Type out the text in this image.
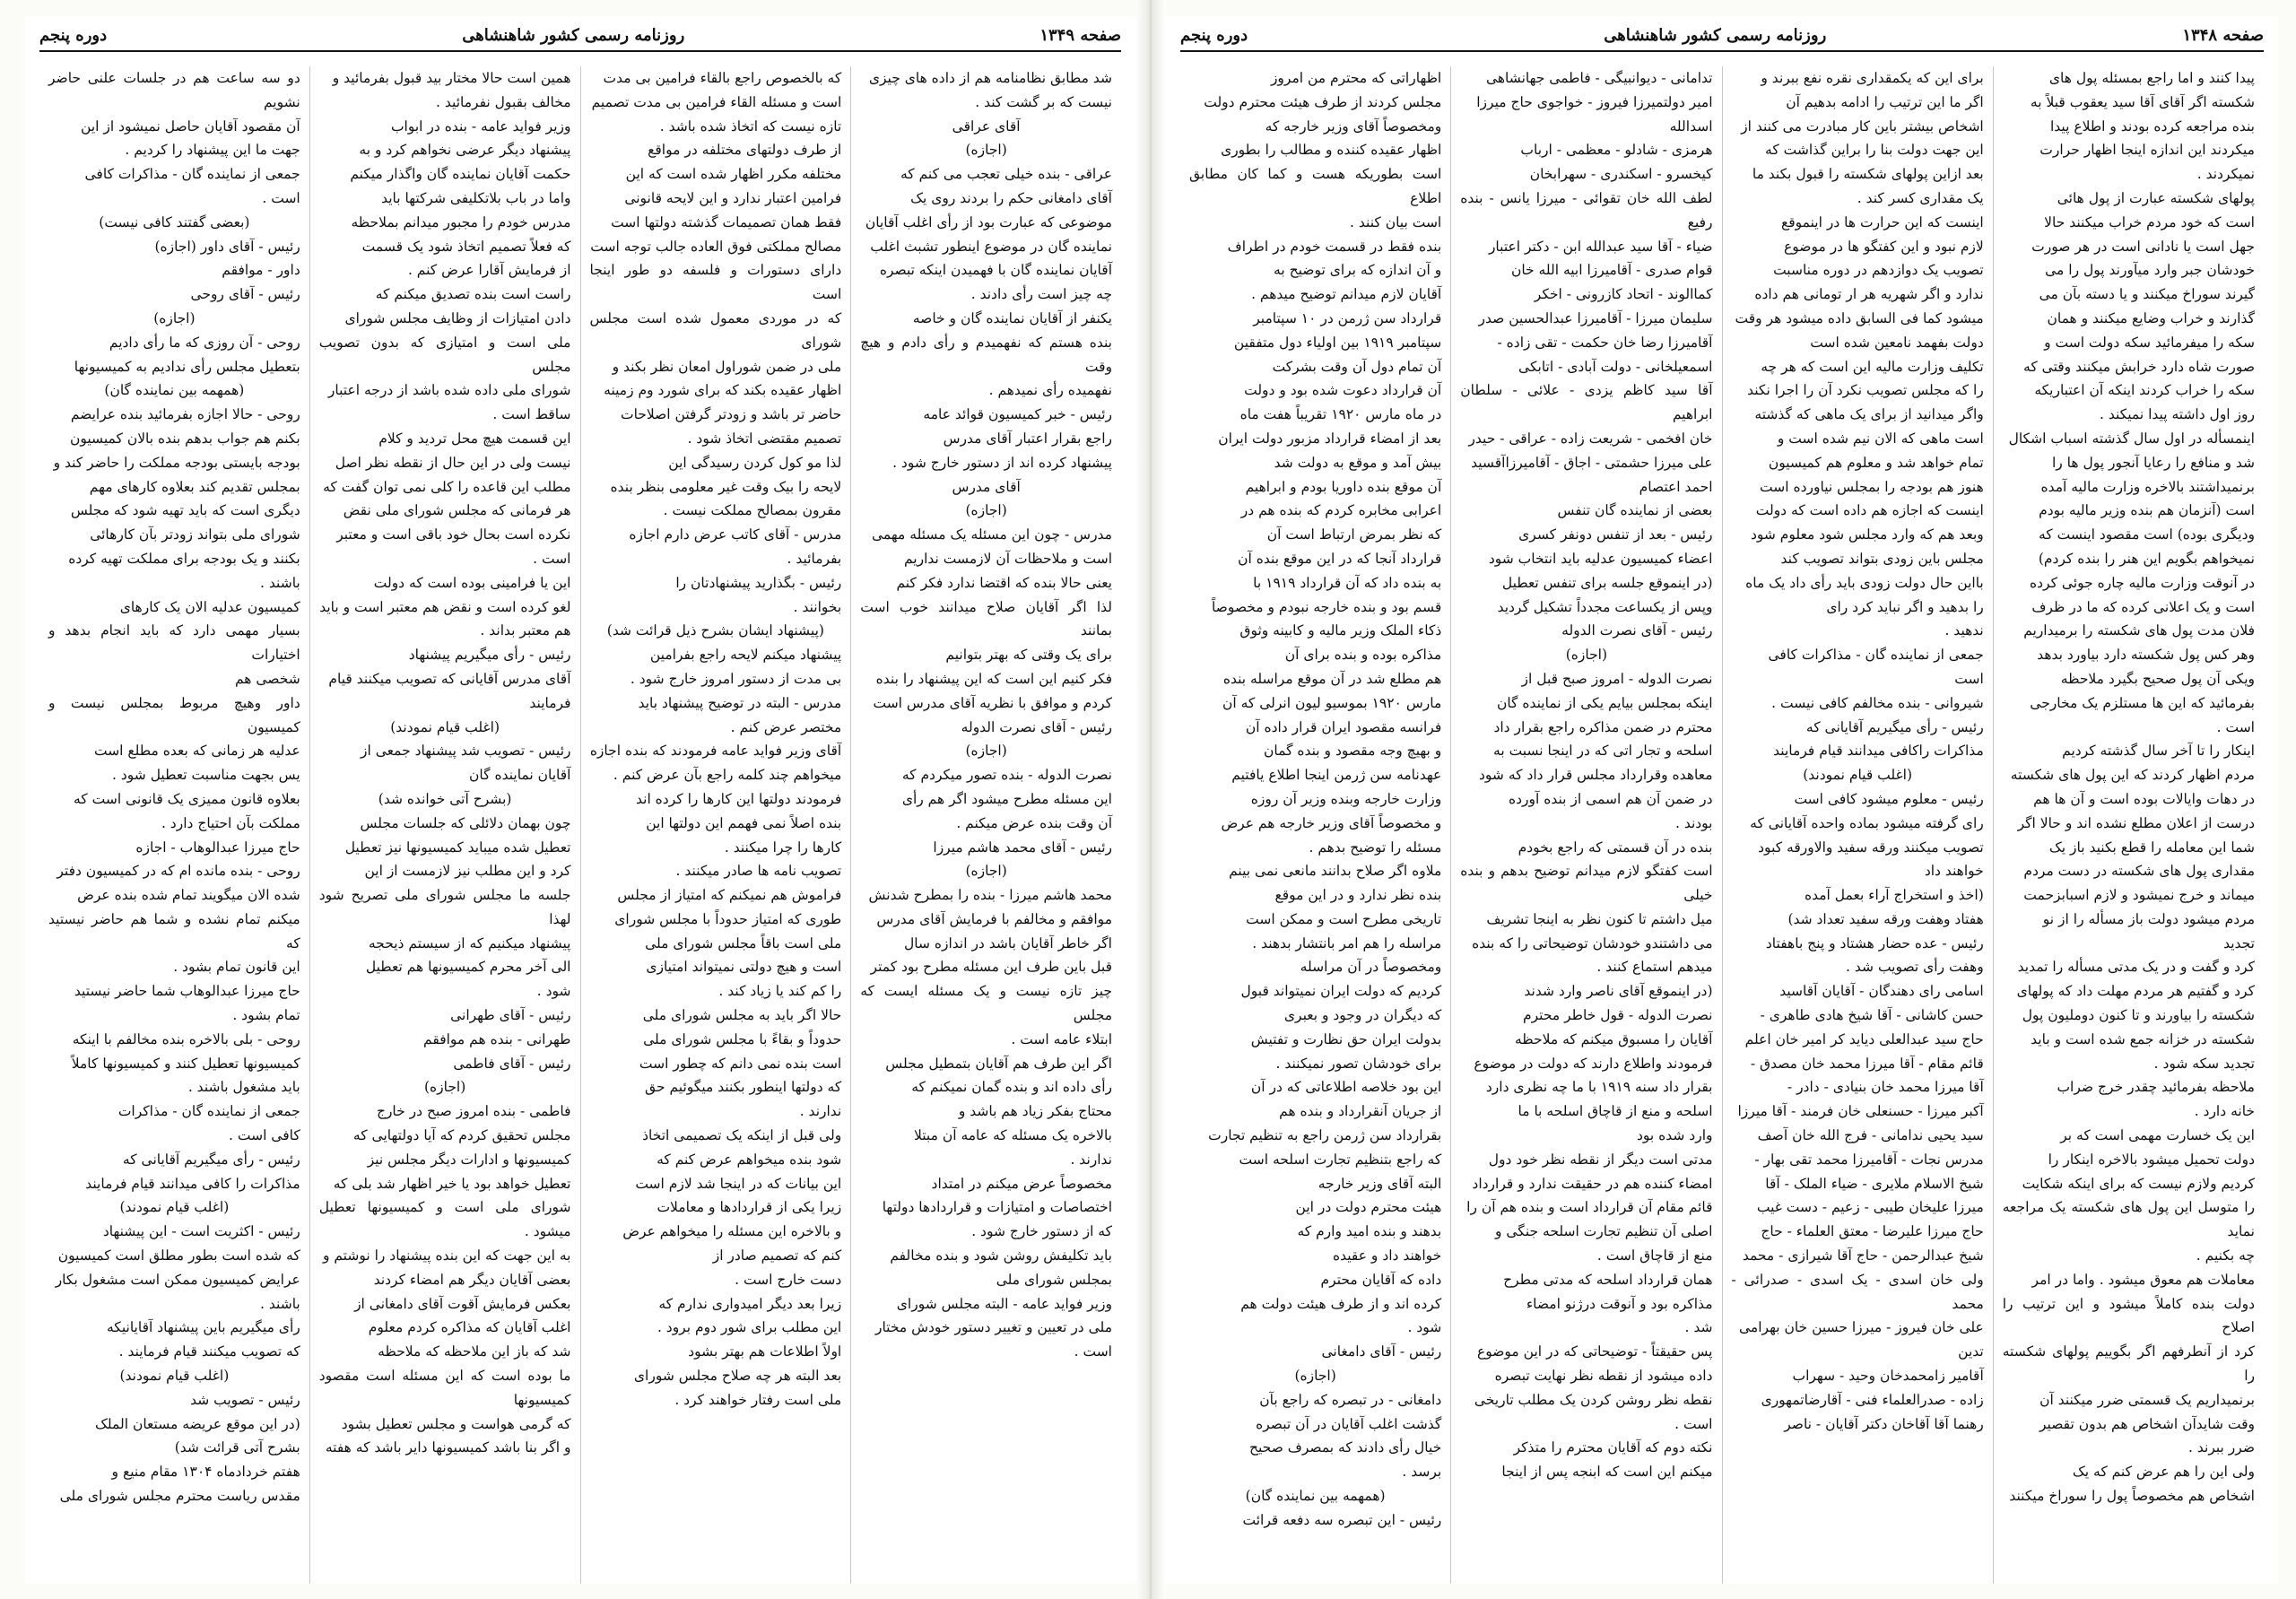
صفحه ۱۳۴۹
روزنامه رسمی کشور شاهنشاهی
دوره پنجم

شد مطابق نظامنامه هم از داده های چیزی

نیست که بر گشت کند .

آقای عراقی

(اجازه)

عراقی - بنده خیلی تعجب می کنم که

آقای دامغانی حکم را بردند روی یک

موضوعی که عبارت بود از رأی اغلب آقایان

نماینده گان در موضوع اینطور تشبث اغلب

آقایان نماینده گان با فهمیدن اینکه تبصره

چه چیز است رأی دادند .

یکنفر از آقایان نماینده گان و خاصه

بنده هستم که نفهمیدم و رأی دادم و هیچ وقت

نفهمیده رأی نمیدهم .

رئیس - خبر کمیسیون قوائد عامه

راجع بقرار اعتبار آقای مدرس

پیشنهاد کرده اند از دستور خارج شود .

آقای مدرس

(اجازه)

مدرس - چون این مسئله یک مسئله مهمی

است و ملاحظات آن لازمست نداریم

یعنی حالا بنده که اقتضا ندارد فکر کنم

لذا اگر آقایان صلاح میدانند خوب است بمانند

برای یک وقتی که بهتر بتوانیم

فکر کنیم این است که این پیشنهاد را بنده

کردم و موافق با نظریه آقای مدرس است

رئیس - آقای نصرت الدوله

(اجازه)

نصرت الدوله - بنده تصور میکردم که

این مسئله مطرح میشود اگر هم رأی

آن وقت بنده عرض میکنم .

رئیس - آقای محمد هاشم میرزا

(اجازه)

محمد هاشم میرزا - بنده را بمطرح شدنش

موافقم و مخالفم با فرمایش آقای مدرس

اگر خاطر آقایان باشد در اندازه سال

قبل باین طرف این مسئله مطرح بود کمتر

چیز تازه نیست و یک مسئله ایست که مجلس

ابتلاء عامه است .

اگر این طرف هم آقایان بتمطیل مجلس

رأی داده اند و بنده گمان نمیکنم که

محتاج بفکر زیاد هم باشد و

بالاخره یک مسئله که عامه آن مبتلا

ندارند .

مخصوصاً عرض میکنم در امتداد

اختصاصات و امتیازات و قراردادها دولتها

که از دستور خارج شود .

باید تکلیفش روشن شود و بنده مخالفم

بمجلس شورای ملی

وزیر فواید عامه - البته مجلس شورای

ملی در تعیین و تغییر دستور خودش مختار

است .

که بالخصوص راجع بالقاء فرامین بی مدت

است و مسئله القاء فرامین بی مدت تصمیم

تازه نیست که اتخاذ شده باشد .

از طرف دولتهای مختلفه در مواقع

مختلفه مکرر اظهار شده است که این

فرامین اعتبار ندارد و این لایحه قانونی

فقط همان تصمیمات گذشته دولتها است

مصالح مملکتی فوق العاده جالب توجه است

دارای دستورات و فلسفه دو طور اینجا است

که در موردی معمول شده است مجلس شورای

ملی در ضمن شوراول امعان نظر بکند و

اظهار عقیده بکند که برای شورد وم زمینه

حاضر تر باشد و زودتر گرفتن اصلاحات

تصمیم مقتضی اتخاذ شود .

لذا مو کول کردن رسیدگی این

لایحه را بیک وقت غیر معلومی بنظر بنده

مقرون بمصالح مملکت نیست .

مدرس - آقای کاتب عرض دارم اجازه

بفرمائید .

رئیس - بگذارید پیشنهادتان را

بخوانند .

(پیشنهاد ایشان بشرح ذیل قرائت شد)

پیشنهاد میکنم لایحه راجع بفرامین

بی مدت از دستور امروز خارج شود .

مدرس - البته در توضیح پیشنهاد باید

مختصر عرض کنم .

آقای وزیر فواید عامه فرمودند که بنده اجازه

میخواهم چند کلمه راجع بآن عرض کنم .

فرمودند دولتها این کارها را کرده اند

بنده اصلاً نمی فهمم این دولتها این

کارها را چرا میکنند .

تصویب نامه ها صادر میکنند .

فراموش هم نمیکنم که امتیاز از مجلس

طوری که امتیاز حدوداً با مجلس شورای

ملی است باقاً مجلس شورای ملی

است و هیچ دولتی نمیتواند امتیازی

را کم کند یا زیاد کند .

حالا اگر باید به مجلس شورای ملی

حدوداً و بقاءً با مجلس شورای ملی

است بنده نمی دانم که چطور است

که دولتها اینطور بکنند میگوئیم حق

ندارند .

ولی قبل از اینکه یک تصمیمی اتخاذ

شود بنده میخواهم عرض کنم که

این بیانات که در اینجا شد لازم است

زیرا یکی از قراردادها و معاملات

و بالاخره این مسئله را میخواهم عرض

کنم که تصمیم صادر از

دست خارج است .

زیرا بعد دیگر امیدواری ندارم که

این مطلب برای شور دوم برود .

اولاً اطلاعات هم بهتر بشود

بعد البته هر چه صلاح مجلس شورای

ملی است رفتار خواهند کرد .

همین است حالا مختار بید قبول بفرمائید و

مخالف بقبول نفرمائید .

وزیر فواید عامه - بنده در ابواب

پیشنهاد دیگر عرضی نخواهم کرد و به

حکمت آقایان نماینده گان واگذار میکنم

واما در باب بلاتکلیفی شرکتها باید

مدرس خودم را مجبور میدانم بملاحظه

که فعلاً تصمیم اتخاذ شود یک قسمت

از فرمایش آقارا عرض کنم .

راست است بنده تصدیق میکنم که

دادن امتیازات از وظایف مجلس شورای

ملی است و امتیازی که بدون تصویب مجلس

شورای ملی داده شده باشد از درجه اعتبار

ساقط است .

این قسمت هیچ محل تردید و کلام

نیست ولی در این حال از نقطه نظر اصل

مطلب این قاعده را کلی نمی توان گفت که

هر فرمانی که مجلس شورای ملی نقض

نکرده است بحال خود باقی است و معتبر

است .

این یا فرامینی بوده است که دولت

لغو کرده است و نقض هم معتبر است و باید

هم معتبر بداند .

رئیس - رأی میگیریم پیشنهاد

آقای مدرس آقایانی که تصویب میکنند قیام

فرمایند

(اغلب قیام نمودند)

رئیس - تصویب شد پیشنهاد جمعی از

آقایان نماینده گان

(بشرح آتی خوانده شد)

چون بهمان دلائلی که جلسات مجلس

تعطیل شده میباید کمیسیونها نیز تعطیل

کرد و این مطلب نیز لازمست از این

جلسه ما مجلس شورای ملی تصریح شود لهذا

پیشنهاد میکنیم که از سیستم ذیحجه

الی آخر محرم کمیسیونها هم تعطیل

شود .

رئیس - آقای طهرانی

طهرانی - بنده هم موافقم

رئیس - آقای فاطمی

(اجازه)

فاطمی - بنده امروز صبح در خارج

مجلس تحقیق کردم که آیا دولتهایی که

کمیسیونها و ادارات دیگر مجلس نیز

تعطیل خواهد بود یا خیر اظهار شد بلی که

شورای ملی است و کمیسیونها تعطیل میشود .

به این جهت که این بنده پیشنهاد را نوشتم و

بعضی آقایان دیگر هم امضاء کردند

بعکس فرمایش آقوت آقای دامغانی از

اغلب آقایان که مذاکره کردم معلوم

شد که باز این ملاحظه که ملاحظه

ما بوده است که این مسئله است مقصود کمیسیونها

که گرمی هواست و مجلس تعطیل بشود

و اگر بنا باشد کمیسیونها دایر باشد که هفته

دو سه ساعت هم در جلسات علنی حاضر نشویم

آن مقصود آقایان حاصل نمیشود از این

جهت ما این پیشنهاد را کردیم .

جمعی از نماینده گان - مذاکرات کافی

است .

(بعضی گفتند کافی نیست)

رئیس - آقای داور (اجازه)

داور - موافقم

رئیس - آقای روحی

(اجازه)

روحی - آن روزی که ما رأی دادیم

بتعطیل مجلس رأی ندادیم به کمیسیونها

(همهمه بین نماینده گان)

روحی - حالا اجازه بفرمائید بنده عرایضم

بکنم هم جواب بدهم بنده بالان کمیسیون

بودجه بایستی بودجه مملکت را حاضر کند و

بمجلس تقدیم کند بعلاوه کارهای مهم

دیگری است که باید تهیه شود که مجلس

شورای ملی بتواند زودتر بآن کارهائی

بکنند و یک بودجه برای مملکت تهیه کرده

باشند .

کمیسیون عدلیه الان یک کارهای

بسیار مهمی دارد که باید انجام بدهد و اختیارات

شخصی هم

داور وهیچ مربوط بمجلس نیست و کمیسیون

عدلیه هر زمانی که بعده مطلع است

یس بجهت مناسبت تعطیل شود .

بعلاوه قانون ممیزی یک قانونی است که

مملکت بآن احتیاج دارد .

حاج میرزا عبدالوهاب - اجازه

روحی - بنده مانده ام که در کمیسیون دفتر

شده الان میگویند تمام شده بنده عرض

میکنم تمام نشده و شما هم حاضر نیستید که

این قانون تمام بشود .

حاج میرزا عبدالوهاب شما حاضر نیستید

تمام بشود .

روحی - بلی بالاخره بنده مخالفم با اینکه

کمیسیونها تعطیل کنند و کمیسیونها کاملاً

باید مشغول باشند .

جمعی از نماینده گان - مذاکرات

کافی است .

رئیس - رأی میگیریم آقایانی که

مذاکرات را کافی میدانند قیام فرمایند

(اغلب قیام نمودند)

رئیس - اکثریت است - این پیشنهاد

که شده است بطور مطلق است کمیسیون

عرایض کمیسیون ممکن است مشغول بکار

باشند .

رأی میگیریم باین پیشنهاد آقایانیکه

که تصویب میکنند قیام فرمایند .

(اغلب قیام نمودند)

رئیس - تصویب شد

(در این موقع عریضه مستعان الملک

بشرح آتی قرائت شد)

هفتم خردادماه ۱۳۰۴ مقام منیع و

مقدس ریاست محترم مجلس شورای ملی

صفحه ۱۳۴۸
روزنامه رسمی کشور شاهنشاهی
دوره پنجم

پیدا کنند و اما راجع بمسئله پول های

شکسته اگر آقای آقا سید یعقوب قبلاً به

بنده مراجعه کرده بودند و اطلاع پیدا

میکردند این اندازه اینجا اظهار حرارت

نمیکردند .

پولهای شکسته عبارت از پول هائی

است که خود مردم خراب میکنند حالا

جهل است یا نادانی است در هر صورت

خودشان جبر وارد میآورند پول را می

گیرند سوراخ میکنند و یا دسته بآن می

گذارند و خراب وضایع میکنند و همان

سکه را میفرمائید سکه دولت است و

صورت شاه دارد خرابش میکنند وقتی که

سکه را خراب کردند اینکه آن اعتباریکه

روز اول داشته پیدا نمیکند .

اینمسأله در اول سال گذشته اسباب اشکال

شد و منافع را رعایا آنجور پول ها را

برنمیداشتند بالاخره وزارت مالیه آمده

است (آنزمان هم بنده وزیر مالیه بودم

ودیگری بوده) است مقصود اینست که

نمیخواهم بگویم این هنر را بنده کردم)

در آنوقت وزارت مالیه چاره جوئی کرده

است و یک اعلانی کرده که ما در ظرف

فلان مدت پول های شکسته را برمیداریم

وهر کس پول شکسته دارد بیاورد بدهد

ویکی آن پول صحیح بگیرد ملاحظه

بفرمائید که این ها مستلزم یک مخارجی

است .

اینکار را تا آخر سال گذشته کردیم

مردم اظهار کردند که این پول های شکسته

در دهات وایالات بوده است و آن ها هم

درست از اعلان مطلع نشده اند و حالا اگر

شما این معامله را قطع بکنید باز یک

مقداری پول های شکسته در دست مردم

میماند و خرج نمیشود و لازم اسبابزحمت

مردم میشود دولت باز مسأله را از نو

تجدید

کرد و گفت و در یک مدتی مسأله را تمدید

کرد و گفتیم هر مردم مهلت داد که پولهای

شکسته را بیاورند و تا کنون دوملیون پول

شکسته در خزانه جمع شده است و باید

تجدید سکه شود .

ملاحظه بفرمائید چقدر خرج ضراب

خانه دارد .

این یک خسارت مهمی است که بر

دولت تحمیل میشود بالاخره اینکار را

کردیم ولازم نیست که برای اینکه شکایت

را متوسل این پول های شکسته یک مراجعه نماید

چه بکنیم .

معاملات هم معوق میشود . واما در امر

دولت بنده کاملاً میشود و این ترتیب را اصلاح

کرد از آنطرفهم اگر بگوییم پولهای شکسته را

برنمیداریم یک قسمتی ضرر میکنند آن

وقت شایدآن اشخاص هم بدون تقصیر

ضرر ببرند .

ولی این را هم عرض کنم که یک

اشخاص هم مخصوصاً پول را سوراخ میکنند

برای این که یکمقداری نقره نفع ببرند و

اگر ما این ترتیب را ادامه بدهیم آن

اشخاص بیشتر باین کار مبادرت می کنند از

این جهت دولت بنا را براین گذاشت که

بعد ازاین پولهای شکسته را قبول بکند ما

یک مقداری کسر کند .

اینست که این حرارت ها در اینموقع

لازم نبود و این کفتگو ها در موضوع

تصویب یک دوازدهم در دوره مناسبت

ندارد و اگر شهریه هر ار تومانی هم داده

میشود کما فی السابق داده میشود هر وقت

دولت بفهمد نامعین شده است

تکلیف وزارت مالیه این است که هر چه

را که مجلس تصویب نکرد آن را اجرا نکند

واگر میدانید از برای یک ماهی که گذشته

است ماهی که الان نیم شده است و

تمام خواهد شد و معلوم هم کمیسیون

هنوز هم بودجه را بمجلس نیاورده است

اینست که اجازه هم داده است که دولت

وبعد هم که وارد مجلس شود معلوم شود

مجلس باین زودی بتواند تصویب کند

بااین حال دولت زودی باید رأی داد یک ماه

را بدهید و اگر نباید کرد رای

ندهید .

جمعی از نماینده گان - مذاکرات کافی

است

شیروانی - بنده مخالفم کافی نیست .

رئیس - رأی میگیریم آقایانی که

مذاکرات راکافی میدانند قیام فرمایند

(اغلب قیام نمودند)

رئیس - معلوم میشود کافی است

رای گرفته میشود بماده واحده آقایانی که

تصویب میکنند ورقه سفید والاورقه کبود

خواهند داد

(اخذ و استخراج آراء بعمل آمده

هفتاد وهفت ورقه سفید تعداد شد)

رئیس - عده حضار هشتاد و پنج باهفتاد

وهفت رأی تصویب شد .

اسامی رای دهندگان - آقایان آقاسید

حسن کاشانی - آقا شیخ هادی طاهری -

حاج سید عبدالعلی دیاید کر امیر خان اعلم

قائم مقام - آقا میرزا محمد خان مصدق -

آقا میرزا محمد خان بنیادی - دادر -

آکبر میرزا - حسنعلی خان فرمند - آقا میرزا

سید یحیی ندامانی - فرج الله خان آصف

مدرس نجات - آقامیرزا محمد تقی بهار -

شیخ الاسلام ملایری - ضیاء الملک - آقا

میرزا علیخان طیبی - زعیم - دست غیب

حاج میرزا علیرضا - معتق العلماء - حاج

شیخ عبدالرحمن - حاج آقا شیرازی - محمد

ولی خان اسدی - یک اسدی - صدرائی - محمد

علی خان فیروز - میرزا حسین خان بهرامی

تدین

آقامیر زامحمدخان وحید - سهراب

زاده - صدرالعلماء فنی - آقارضاتمهوری

رهنما آقا آقاخان دکتر آقایان - ناصر

تدامانی - دیوانبیگی - فاطمی جهانشاهی

امیر دولتمیرزا فیروز - خواجوی حاج میرزا

اسدالله

هرمزی - شادلو - معظمی - ارباب

کیخسرو - اسکندری - سهرابخان

لطف الله خان تقوائی - میرزا یانس - بنده رفیع

ضیاء - آقا سید عبدالله ابن - دکتر اعتبار

قوام صدری - آقامیرزا ابیه الله خان

کماالوند - اتحاد کازرونی - اخکر

سلیمان میرزا - آقامیرزا عبدالحسین صدر

آقامیرزا رضا خان حکمت - تقی زاده -

اسمعیلخانی - دولت آبادی - اتابکی

آقا سید کاظم یزدی - علائی - سلطان ابراهیم

خان افخمی - شریعت زاده - عراقی - حیدر

علی میرزا حشمتی - اجاق - آقامیرزاآقسید

احمد اعتصام

بعضی از نماینده گان تنفس

رئیس - بعد از تنفس دونفر کسری

اعضاء کمیسیون عدلیه باید انتخاب شود

(در اینموقع جلسه برای تنفس تعطیل

وپس از یکساعت مجدداً تشکیل گردید

رئیس - آقای نصرت الدوله

(اجازه)

نصرت الدوله - امروز صبح قبل از

اینکه بمجلس بیایم یکی از نماینده گان

محترم در ضمن مذاکره راجع بقرار داد

اسلحه و تجار اتی که در اینجا نسبت به

معاهده وقرارداد مجلس قرار داد که شود

در ضمن آن هم اسمی از بنده آورده

بودند .

بنده در آن قسمتی که راجع بخودم

است کفتگو لازم میدانم توضیح بدهم و بنده خیلی

میل داشتم تا کنون نظر به اینجا تشریف

می داشتندو خودشان توضیحاتی را که بنده

میدهم استماع کنند .

(در اینموقع آقای ناصر وارد شدند

نصرت الدوله - قول خاطر محترم

آقایان را مسبوق میکنم که ملاحظه

فرمودند واطلاع دارند که دولت در موضوع

بقرار داد سنه ۱۹۱۹ با ما چه نظری دارد

اسلحه و منع از قاچاق اسلحه با ما

وارد شده بود

مدتی است دیگر از نقطه نظر خود دول

امضاء کننده هم در حقیقت ندارد و قرارداد

قائم مقام آن قرارداد است و بنده هم آن را

اصلی آن تنظیم تجارت اسلحه جنگی و

منع از قاچاق است .

همان قرارداد اسلحه که مدتی مطرح

مذاکره بود و آنوقت درژنو امضاء

شد .

پس حقیقتاً - توضیحاتی که در این موضوع

داده میشود از نقطه نظر نهایت تبصره

نقطه نظر روشن کردن یک مطلب تاریخی

است .

نکته دوم که آقایان محترم را متذکر

میکنم این است که ابنجه پس از اینجا

اظهاراتی که محترم من امروز

مجلس کردند از طرف هیئت محترم دولت

ومخصوصاً آقای وزیر خارجه که

اظهار عقیده کننده و مطالب را بطوری

است بطوریکه هست و کما کان مطابق اطلاع

است بیان کنند .

بنده فقط در قسمت خودم در اطراف

و آن اندازه که برای توضیح به

آقایان لازم میدانم توضیح میدهم .

قرارداد سن ژرمن در ۱۰ سپتامبر

سپتامبر ۱۹۱۹ بین اولیاء دول متفقین

آن تمام دول آن وقت بشرکت

آن قرارداد دعوت شده بود و دولت

در ماه مارس ۱۹۲۰ تقریباً هفت ماه

بعد از امضاء قرارداد مزبور دولت ایران

بیش آمد و موقع به دولت شد

آن موقع بنده داوریا بودم و ابراهیم

اعرابی مخابره کردم که بنده هم در

که نظر بمرض ارتباط است آن

قرارداد آنجا که در این موقع بنده آن

به بنده داد که آن قرارداد ۱۹۱۹ با

قسم بود و بنده خارجه نبودم و مخصوصاً

ذکاء الملک وزیر مالیه و کابینه وثوق

مذاکره بوده و بنده برای آن

هم مطلع شد در آن موقع مراسله بنده

مارس ۱۹۲۰ بموسیو لیون انرلی که آن

فرانسه مقصود ایران قرار داده آن

و بهیچ وجه مقصود و بنده گمان

عهدنامه سن ژرمن اینجا اطلاع یافتیم

وزارت خارجه وبنده وزیر آن روزه

و مخصوصاً آقای وزیر خارجه هم عرض

مسئله را توضیح بدهم .

ملاوه اگر صلاح بدانند مانعی نمی بینم

بنده نظر ندارد و در این موقع

تاریخی مطرح است و ممکن است

مراسله را هم امر بانتشار بدهند .

ومخصوصاً در آن مراسله

کردیم که دولت ایران نمیتواند قبول

که دیگران در وجود و بعبری

بدولت ایران حق نظارت و تفتیش

برای خودشان تصور نمیکنند .

این بود خلاصه اطلاعاتی که در آن

از جریان آنقرارداد و بنده هم

بقرارداد سن ژرمن راجع به تنظیم تجارت

که راجع بتنظیم تجارت اسلحه است

البته آقای وزیر خارجه

هیئت محترم دولت در این

بدهند و بنده امید وارم که

خواهند داد و عقیده

داده که آقایان محترم

کرده اند و از طرف هیئت دولت هم

شود .

رئیس - آقای دامغانی

(اجازه)

دامغانی - در تبصره که راجع بآن

گذشت اغلب آقایان در آن تبصره

خیال رأی دادند که بمصرف صحیح

برسد .

(همهمه بین نماینده گان)

رئیس - این تبصره سه دفعه قرائت
